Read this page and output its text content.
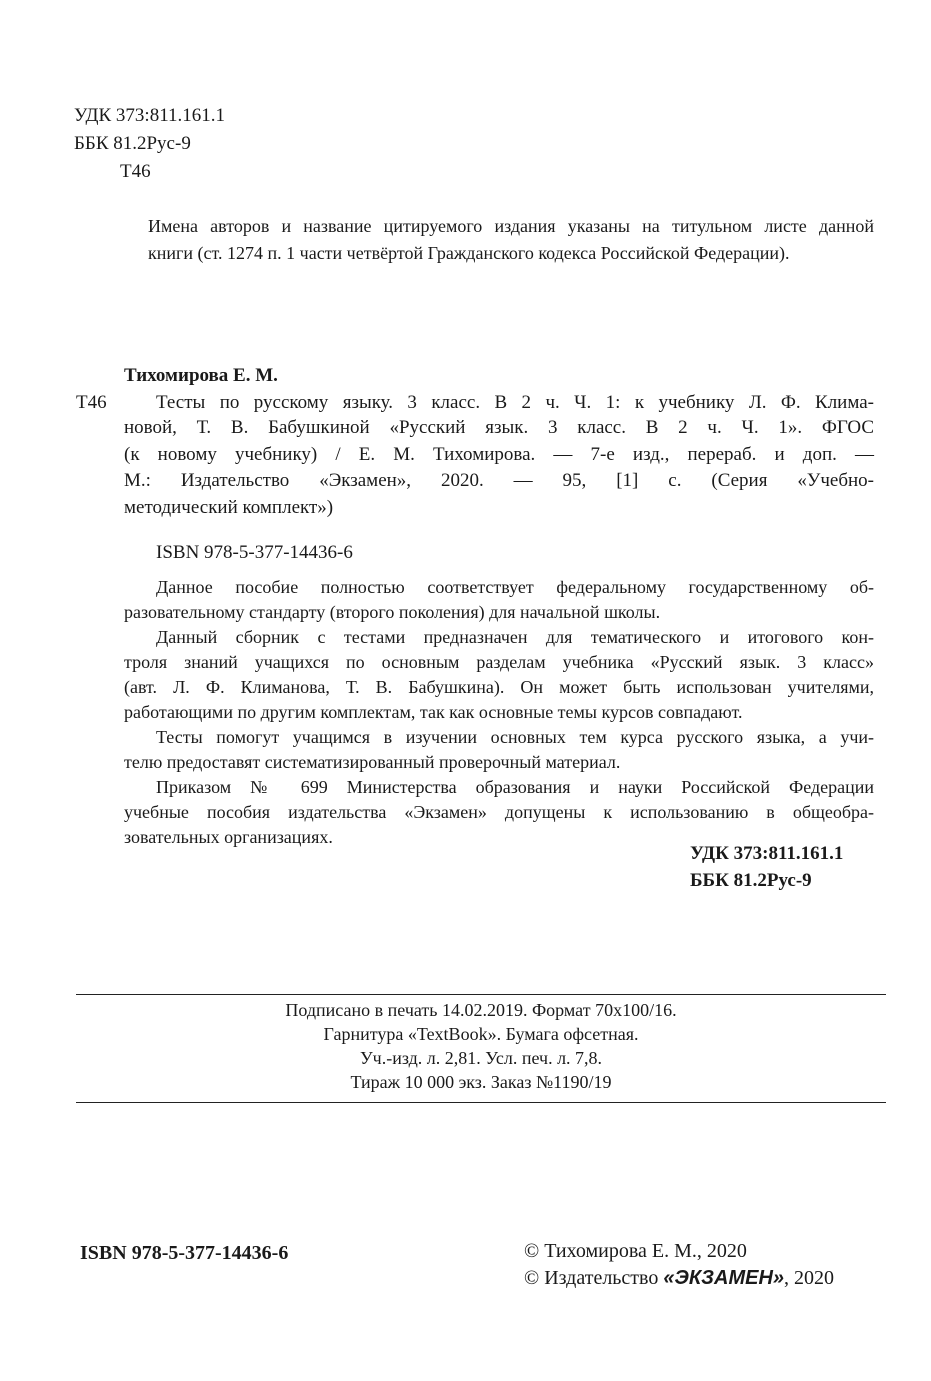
УДК 373:811.161.1
ББК 81.2Рус-9
Т46
Имена авторов и название цитируемого издания указаны на титульном листе данной
книги (ст. 1274 п. 1 части четвёртой Гражданского кодекса Российской Федерации).
Тихомирова Е. М.
Т46	Тесты по русскому языку. 3 класс. В 2 ч. Ч. 1: к учебнику Л. Ф. Клима-
новой, Т. В. Бабушкиной «Русский язык. 3 класс. В 2 ч. Ч. 1». ФГОС
(к новому учебнику) / Е. М. Тихомирова. — 7-е изд., перераб. и доп. —
М.: Издательство «Экзамен», 2020. — 95, [1] с. (Серия «Учебно-
методический комплект»)
ISBN 978-5-377-14436-6
Данное пособие полностью соответствует федеральному государственному об-
разовательному стандарту (второго поколения) для начальной школы.
Данный сборник с тестами предназначен для тематического и итогового кон-
троля знаний учащихся по основным разделам учебника «Русский язык. 3 класс»
(авт. Л. Ф. Климанова, Т. В. Бабушкина). Он может быть использован учителями,
работающими по другим комплектам, так как основные темы курсов совпадают.
Тесты помогут учащимся в изучении основных тем курса русского языка, а учи-
телю предоставят систематизированный проверочный материал.
Приказом № 699 Министерства образования и науки Российской Федерации
учебные пособия издательства «Экзамен» допущены к использованию в общеобра-
зовательных организациях.
УДК 373:811.161.1
ББК 81.2Рус-9
Подписано в печать 14.02.2019. Формат 70х100/16.
Гарнитура «TextBook». Бумага офсетная.
Уч.-изд. л. 2,81. Усл. печ. л. 7,8.
Тираж 10 000 экз. Заказ №1190/19
ISBN 978-5-377-14436-6	© Тихомирова Е. М., 2020
© Издательство «ЭКЗАМЕН», 2020
